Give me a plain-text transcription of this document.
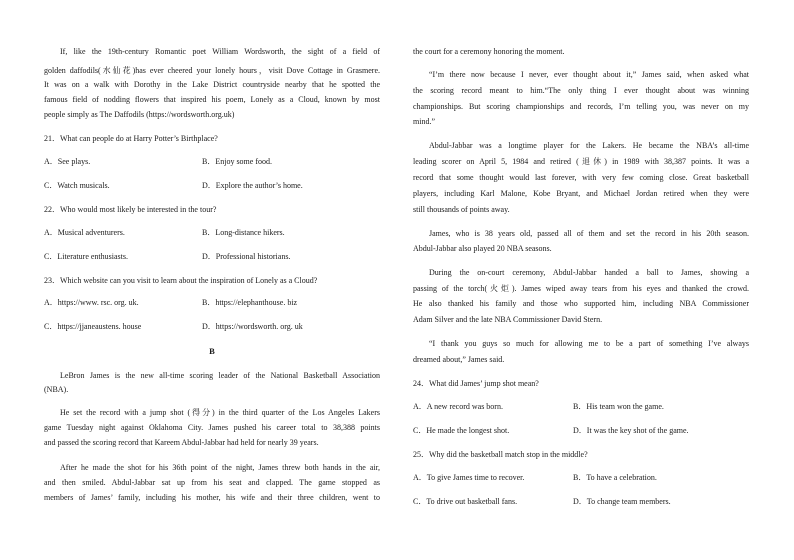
If, like the 19th-century Romantic poet William Wordsworth, the sight of a field of
golden daffodils(水仙花)has ever cheered your lonely hours，visit Dove Cottage in Grasmere.
It was on a walk with Dorothy in the Lake District countryside nearby that he spotted the
famous field of nodding flowers that inspired his poem, Lonely as a Cloud, known by most
people simply as The Daffodils (https://wordsworth.org.uk)
21．What can people do at Harry Potter’s Birthplace?
A．See plays.	B．Enjoy some food.
C．Watch musicals.	D．Explore the author’s home.
22．Who would most likely be interested in the tour?
A．Musical adventurers.	B．Long-distance hikers.
C．Literature enthusiasts.	D．Professional historians.
23．Which website can you visit to learn about the inspiration of Lonely as a Cloud?
A．https://www. rsc. org. uk.	B．https://elephanthouse. biz
C．https://jjaneaustens. house	D．https://wordsworth. org. uk
B
LeBron James is the new all-time scoring leader of the National Basketball Association
(NBA).
He set the record with a jump shot (得分) in the third quarter of the Los Angeles Lakers
game Tuesday night against Oklahoma City. James pushed his career total to 38,388 points
and passed the scoring record that Kareem Abdul-Jabbar had held for nearly 39 years.
After he made the shot for his 36th point of the night, James threw both hands in the air,
and then smiled. Abdul-Jabbar sat up from his seat and clapped. The game stopped as
members of James’ family, including his mother, his wife and their three children, went to
the court for a ceremony honoring the moment.
“I’m there now because I never, ever thought about it,” James said, when asked what
the scoring record meant to him.“The only thing I ever thought about was winning
championships. But scoring championships and records, I’m telling you, was never on my
mind.”
Abdul-Jabbar was a longtime player for the Lakers. He became the NBA’s all-time
leading scorer on April 5, 1984 and retired (退休) in 1989 with 38,387 points. It was a
record that some thought would last forever, with very few coming close. Great basketball
players, including Karl Malone, Kobe Bryant, and Michael Jordan retired when they were
still thousands of points away.
James, who is 38 years old, passed all of them and set the record in his 20th season.
Abdul-Jabbar also played 20 NBA seasons.
During the on-court ceremony, Abdul-Jabbar handed a ball to James, showing a
passing of the torch(火炬). James wiped away tears from his eyes and thanked the crowd.
He also thanked his family and those who supported him, including NBA Commissioner
Adam Silver and the late NBA Commissioner David Stern.
“I thank you guys so much for allowing me to be a part of something I’ve always
dreamed about,” James said.
24．What did James’ jump shot mean?
A．A new record was born.	B．His team won the game.
C．He made the longest shot.	D．It was the key shot of the game.
25．Why did the basketball match stop in the middle?
A．To give James time to recover.	B．To have a celebration.
C．To drive out basketball fans.	D．To change team members.
